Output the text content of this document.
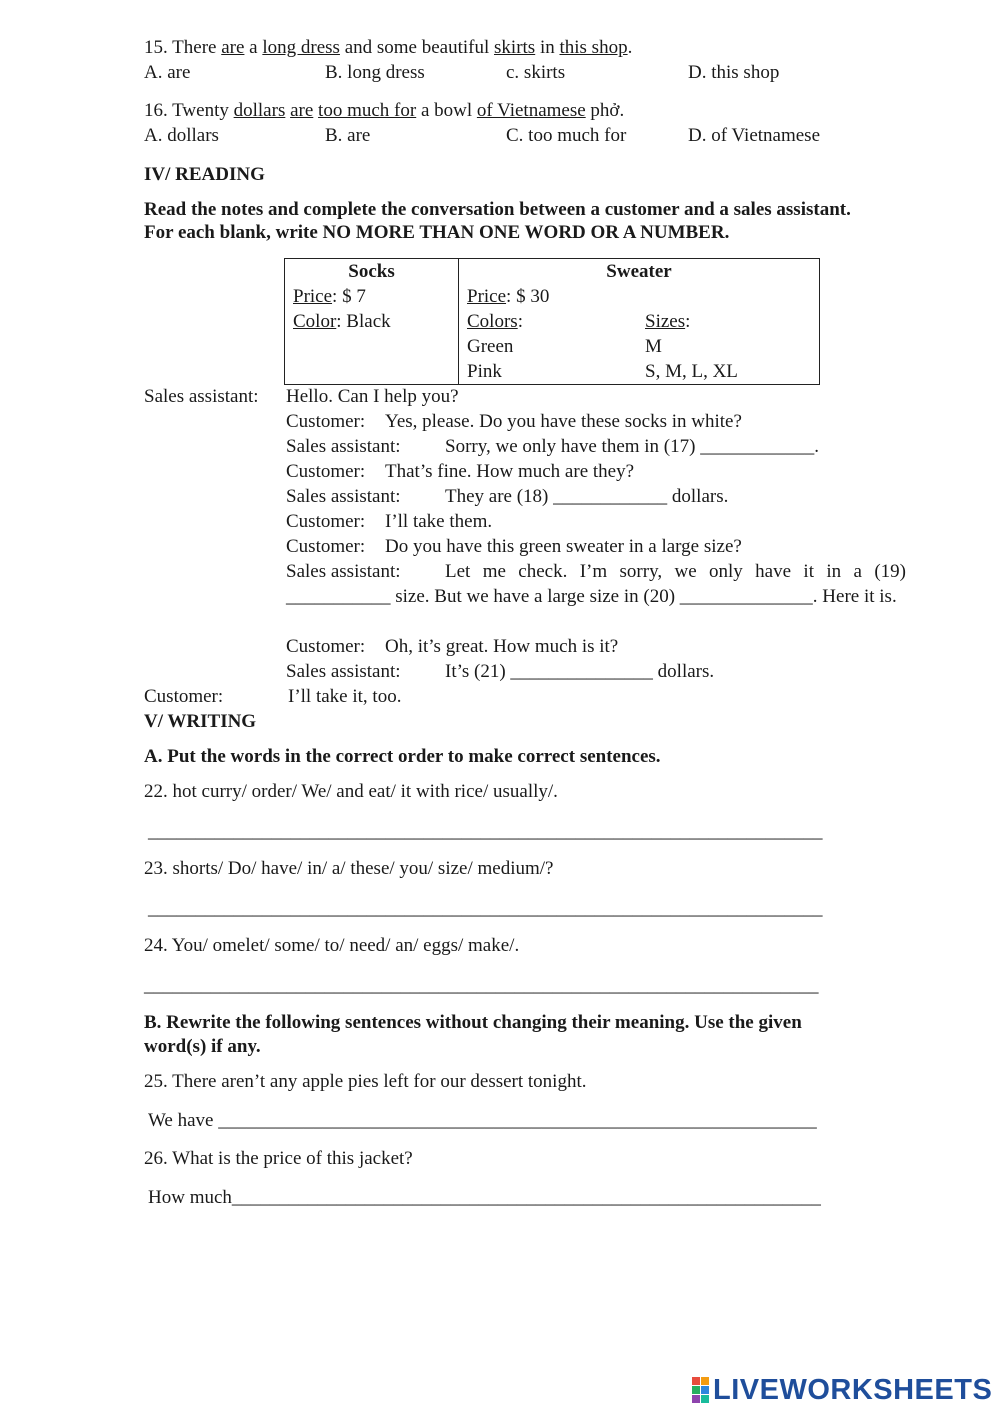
15. There are a long dress and some beautiful skirts in this shop.
A. are	B. long dress	c. skirts	D. this shop
16. Twenty dollars are too much for a bowl of Vietnamese phở.
A. dollars	B. are	C. too much for	D. of Vietnamese
IV/ READING
Read the notes and complete the conversation between a customer and a sales assistant.
For each blank, write NO MORE THAN ONE WORD OR A NUMBER.
Socks	Sweater	
Price: $ 7	Price: $ 30	
Color: Black	Colors:	Sizes:
	Green	M
	Pink	S, M, L, XL
Sales assistant: Hello. Can I help you?
Customer: Yes, please. Do you have these socks in white?
Sales assistant: Sorry, we only have them in (17) ____________.
Customer: That’s fine. How much are they?
Sales assistant: They are (18) ____________ dollars.
Customer: I’ll take them.
Customer: Do you have this green sweater in a large size?
Sales assistant: Let me check. I’m sorry, we only have it in a (19) ___________ size. But we have a large size in (20) ______________. Here it is.
Customer: Oh, it’s great. How much is it?
Sales assistant: It’s (21) _______________ dollars.
Customer:	I’ll take it, too.
V/ WRITING
A. Put the words in the correct order to make correct sentences.
22. hot curry/ order/ We/ and eat/ it with rice/ usually/.
_______________________________________________________________________
23. shorts/ Do/ have/ in/ a/ these/ you/ size/ medium/?
_______________________________________________________________________
24. You/ omelet/ some/ to/ need/ an/ eggs/ make/.
_______________________________________________________________________
B. Rewrite the following sentences without changing their meaning. Use the given
word(s) if any.
25. There aren’t any apple pies left for our dessert tonight.
We have _______________________________________________________________
26. What is the price of this jacket?
How much______________________________________________________________
LIVEWORKSHEETS
